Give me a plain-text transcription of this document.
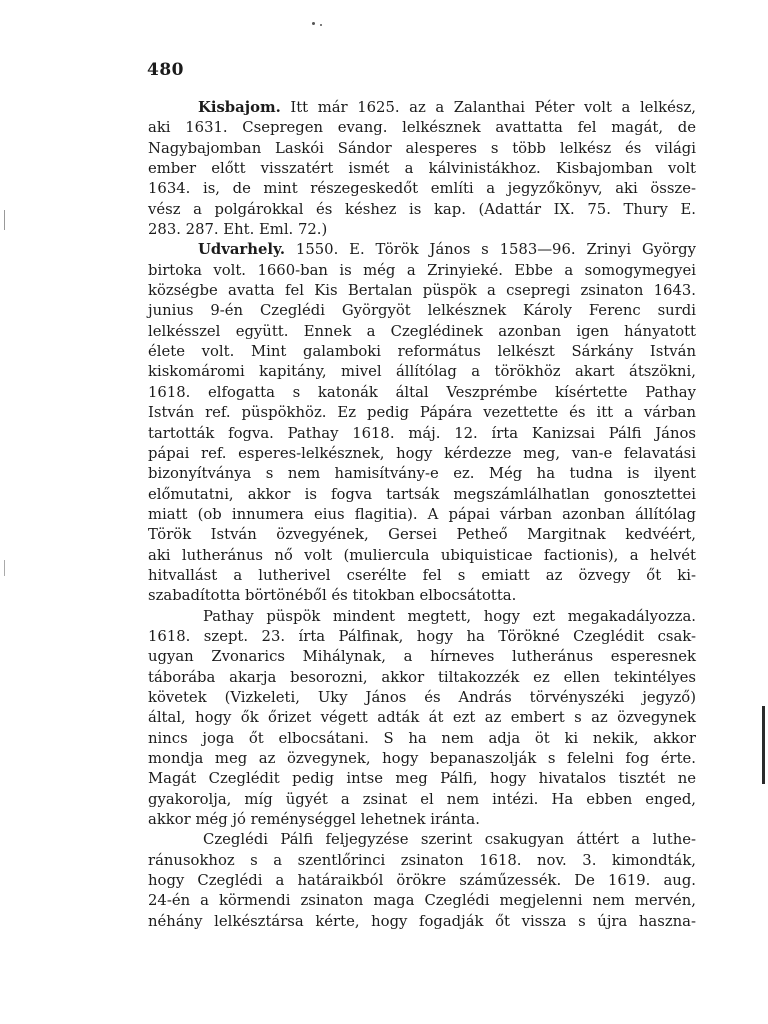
480
Kisbajom. Itt már 1625. az a Zalanthai Péter volt a lelkész,
aki 1631. Csepregen evang. lelkésznek avattatta fel magát, de
Nagybajomban Laskói Sándor alesperes s több lelkész és világi
ember előtt visszatért ismét a kálvinistákhoz. Kisbajomban volt
1634. is, de mint részegeskedőt említi a jegyzőkönyv, aki össze-
vész a polgárokkal és késhez is kap. (Adattár IX. 75. Thury E.
283. 287. Eht. Eml. 72.)
Udvarhely. 1550. E. Török János s 1583—96. Zrinyi György
birtoka volt. 1660-ban is még a Zrinyieké. Ebbe a somogymegyei
községbe avatta fel Kis Bertalan püspök a csepregi zsinaton 1643.
junius 9-én Czeglédi Györgyöt lelkésznek Károly Ferenc surdi
lelkésszel együtt. Ennek a Czeglédinek azonban igen hányatott
élete volt. Mint galamboki református lelkészt Sárkány István
kiskomáromi kapitány, mivel állítólag a törökhöz akart átszökni,
1618. elfogatta s katonák által Veszprémbe kísértette Pathay
István ref. püspökhöz. Ez pedig Pápára vezettette és itt a várban
tartották fogva. Pathay 1618. máj. 12. írta Kanizsai Pálfi János
pápai ref. esperes-lelkésznek, hogy kérdezze meg, van-e felavatási
bizonyítványa s nem hamisítvány-e ez. Még ha tudna is ilyent
előmutatni, akkor is fogva tartsák megszámlálhatlan gonosztettei
miatt (ob innumera eius flagitia). A pápai várban azonban állítólag
Török István özvegyének, Gersei Petheő Margitnak kedvéért,
aki lutheránus nő volt (muliercula ubiquisticae factionis), a helvét
hitvallást a lutherivel cserélte fel s emiatt az özvegy őt ki-
szabadította börtönéből és titokban elbocsátotta.
Pathay püspök mindent megtett, hogy ezt megakadályozza.
1618. szept. 23. írta Pálfinak, hogy ha Törökné Czeglédit csak-
ugyan Zvonarics Mihálynak, a hírneves lutheránus esperesnek
táborába akarja besorozni, akkor tiltakozzék ez ellen tekintélyes
követek (Vizkeleti, Uky János és András törvényszéki jegyző)
által, hogy ők őrizet végett adták át ezt az embert s az özvegynek
nincs joga őt elbocsátani. S ha nem adja öt ki nekik, akkor
mondja meg az özvegynek, hogy bepanaszolják s felelni fog érte.
Magát Czeglédit pedig intse meg Pálfi, hogy hivatalos tisztét ne
gyakorolja, míg ügyét a zsinat el nem intézi. Ha ebben enged,
akkor még jó reménységgel lehetnek iránta.
Czeglédi Pálfi feljegyzése szerint csakugyan áttért a luthe-
ránusokhoz s a szentlőrinci zsinaton 1618. nov. 3. kimondták,
hogy Czeglédi a határaikból örökre száműzessék. De 1619. aug.
24-én a körmendi zsinaton maga Czeglédi megjelenni nem mervén,
néhány lelkésztársa kérte, hogy fogadják őt vissza s újra haszna-
